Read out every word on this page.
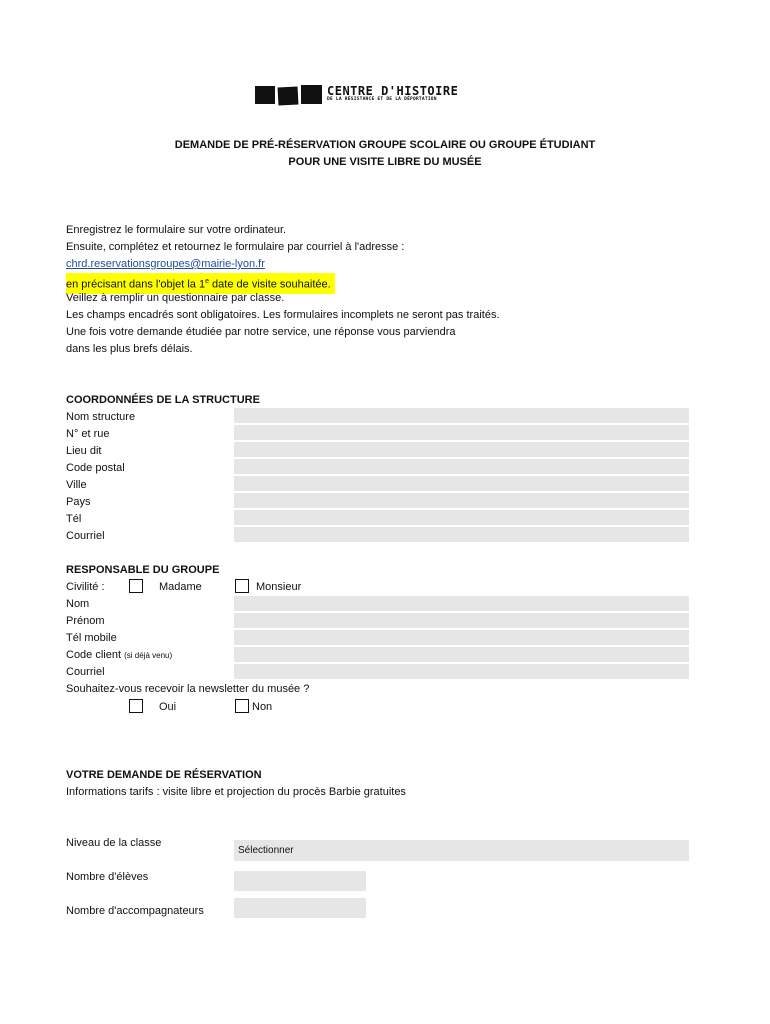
CENTRE D'HISTOIRE
DE LA RÉSISTANCE ET DE LA DÉPORTATION
DEMANDE DE PRÉ-RÉSERVATION GROUPE SCOLAIRE OU GROUPE ÉTUDIANT
POUR UNE VISITE LIBRE DU MUSÉE
Enregistrez le formulaire sur votre ordinateur.
Ensuite, complétez et retournez le formulaire par courriel à l'adresse :
chrd.reservationsgroupes@mairie-lyon.fr
en précisant dans l'objet la 1e date de visite souhaitée.
Veillez à remplir un questionnaire par classe.
Les champs encadrés sont obligatoires. Les formulaires incomplets ne seront pas traités.
Une fois votre demande étudiée par notre service, une réponse vous parviendra
dans les plus brefs délais.
COORDONNÉES DE LA STRUCTURE
Nom structure
N° et rue
Lieu dit
Code postal
Ville
Pays
Tél
Courriel
RESPONSABLE DU GROUPE
Civilité :	Madame	Monsieur
Nom
Prénom
Tél mobile
Code client (si déjà venu)
Courriel
Souhaitez-vous recevoir la newsletter du musée ?
Oui	Non
VOTRE DEMANDE DE RÉSERVATION
Informations tarifs : visite libre et projection du procès Barbie gratuites
Niveau de la classe
Sélectionner
Nombre d'élèves
Nombre d'accompagnateurs
